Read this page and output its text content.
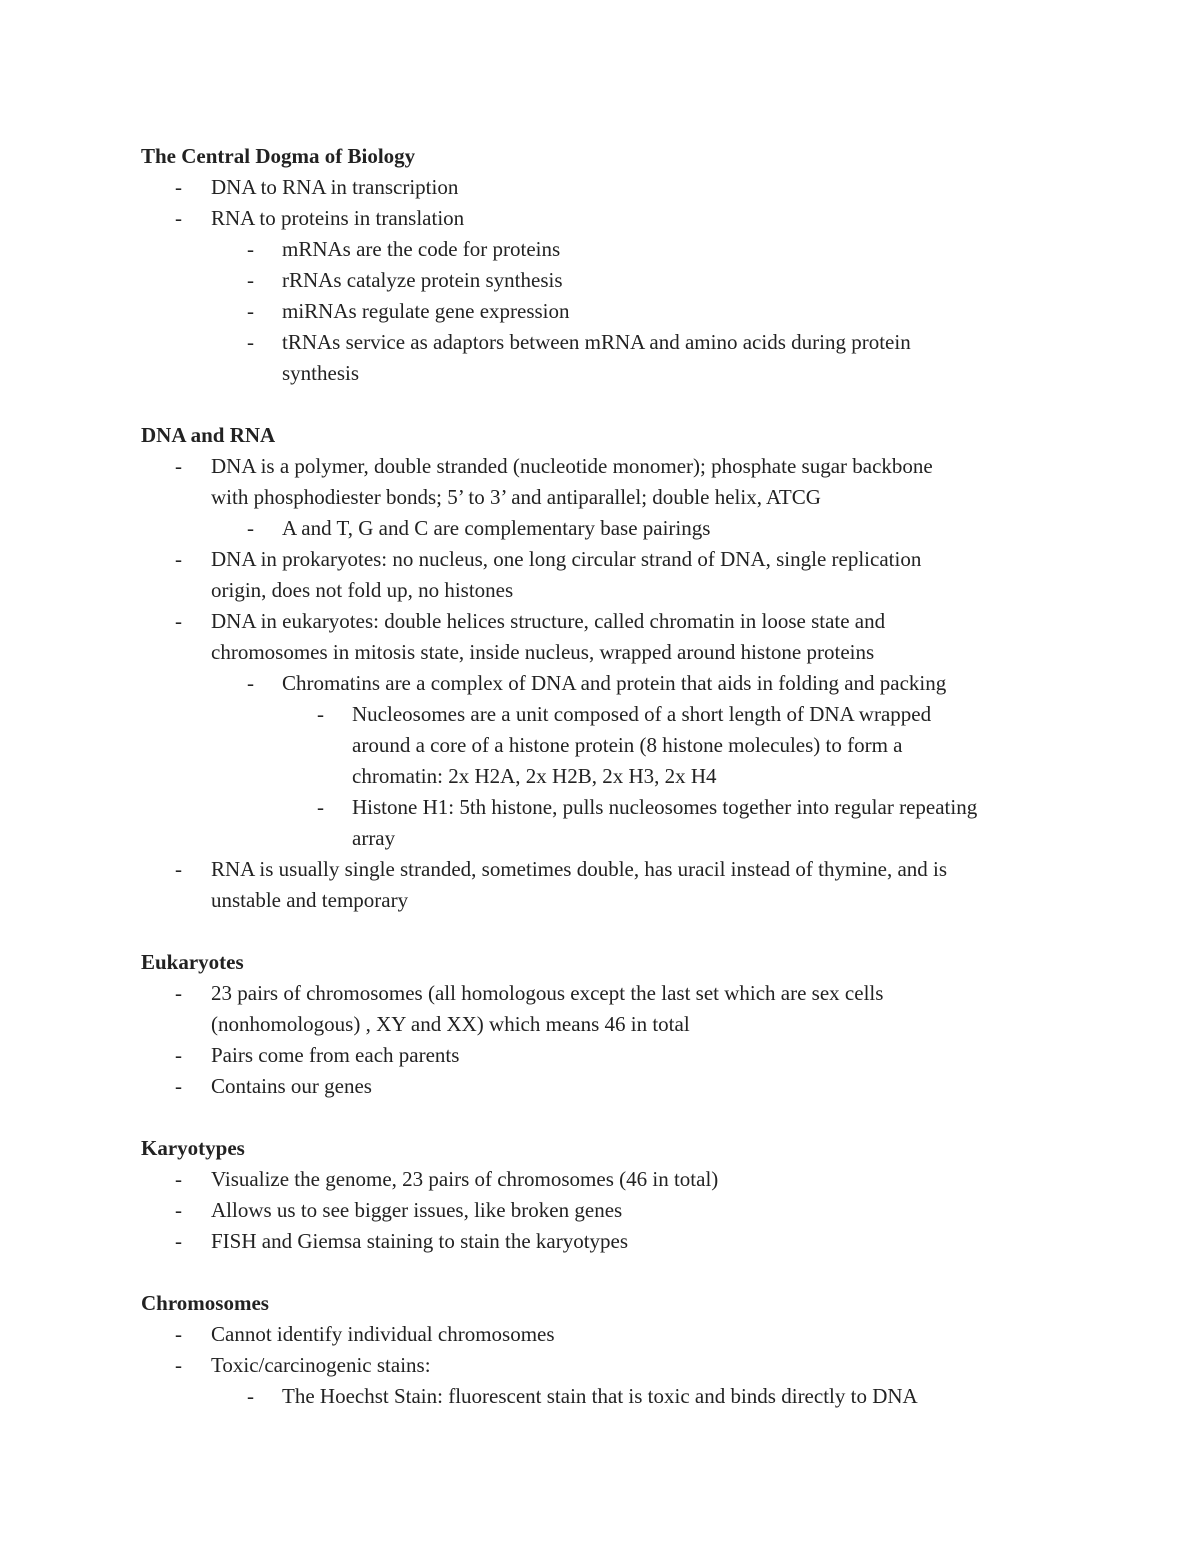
The Central Dogma of Biology
- DNA to RNA in transcription
- RNA to proteins in translation
- mRNAs are the code for proteins
- rRNAs catalyze protein synthesis
- miRNAs regulate gene expression
- tRNAs service as adaptors between mRNA and amino acids during protein
synthesis
DNA and RNA
- DNA is a polymer, double stranded (nucleotide monomer); phosphate sugar backbone
with phosphodiester bonds; 5’ to 3’ and antiparallel; double helix, ATCG
- A and T, G and C are complementary base pairings
- DNA in prokaryotes: no nucleus, one long circular strand of DNA, single replication
origin, does not fold up, no histones
- DNA in eukaryotes: double helices structure, called chromatin in loose state and
chromosomes in mitosis state, inside nucleus, wrapped around histone proteins
- Chromatins are a complex of DNA and protein that aids in folding and packing
- Nucleosomes are a unit composed of a short length of DNA wrapped
around a core of a histone protein (8 histone molecules) to form a
chromatin: 2x H2A, 2x H2B, 2x H3, 2x H4
- Histone H1: 5th histone, pulls nucleosomes together into regular repeating
array
- RNA is usually single stranded, sometimes double, has uracil instead of thymine, and is
unstable and temporary
Eukaryotes
- 23 pairs of chromosomes (all homologous except the last set which are sex cells
(nonhomologous) , XY and XX) which means 46 in total
- Pairs come from each parents
- Contains our genes
Karyotypes
- Visualize the genome, 23 pairs of chromosomes (46 in total)
- Allows us to see bigger issues, like broken genes
- FISH and Giemsa staining to stain the karyotypes
Chromosomes
- Cannot identify individual chromosomes
- Toxic/carcinogenic stains:
- The Hoechst Stain: fluorescent stain that is toxic and binds directly to DNA
